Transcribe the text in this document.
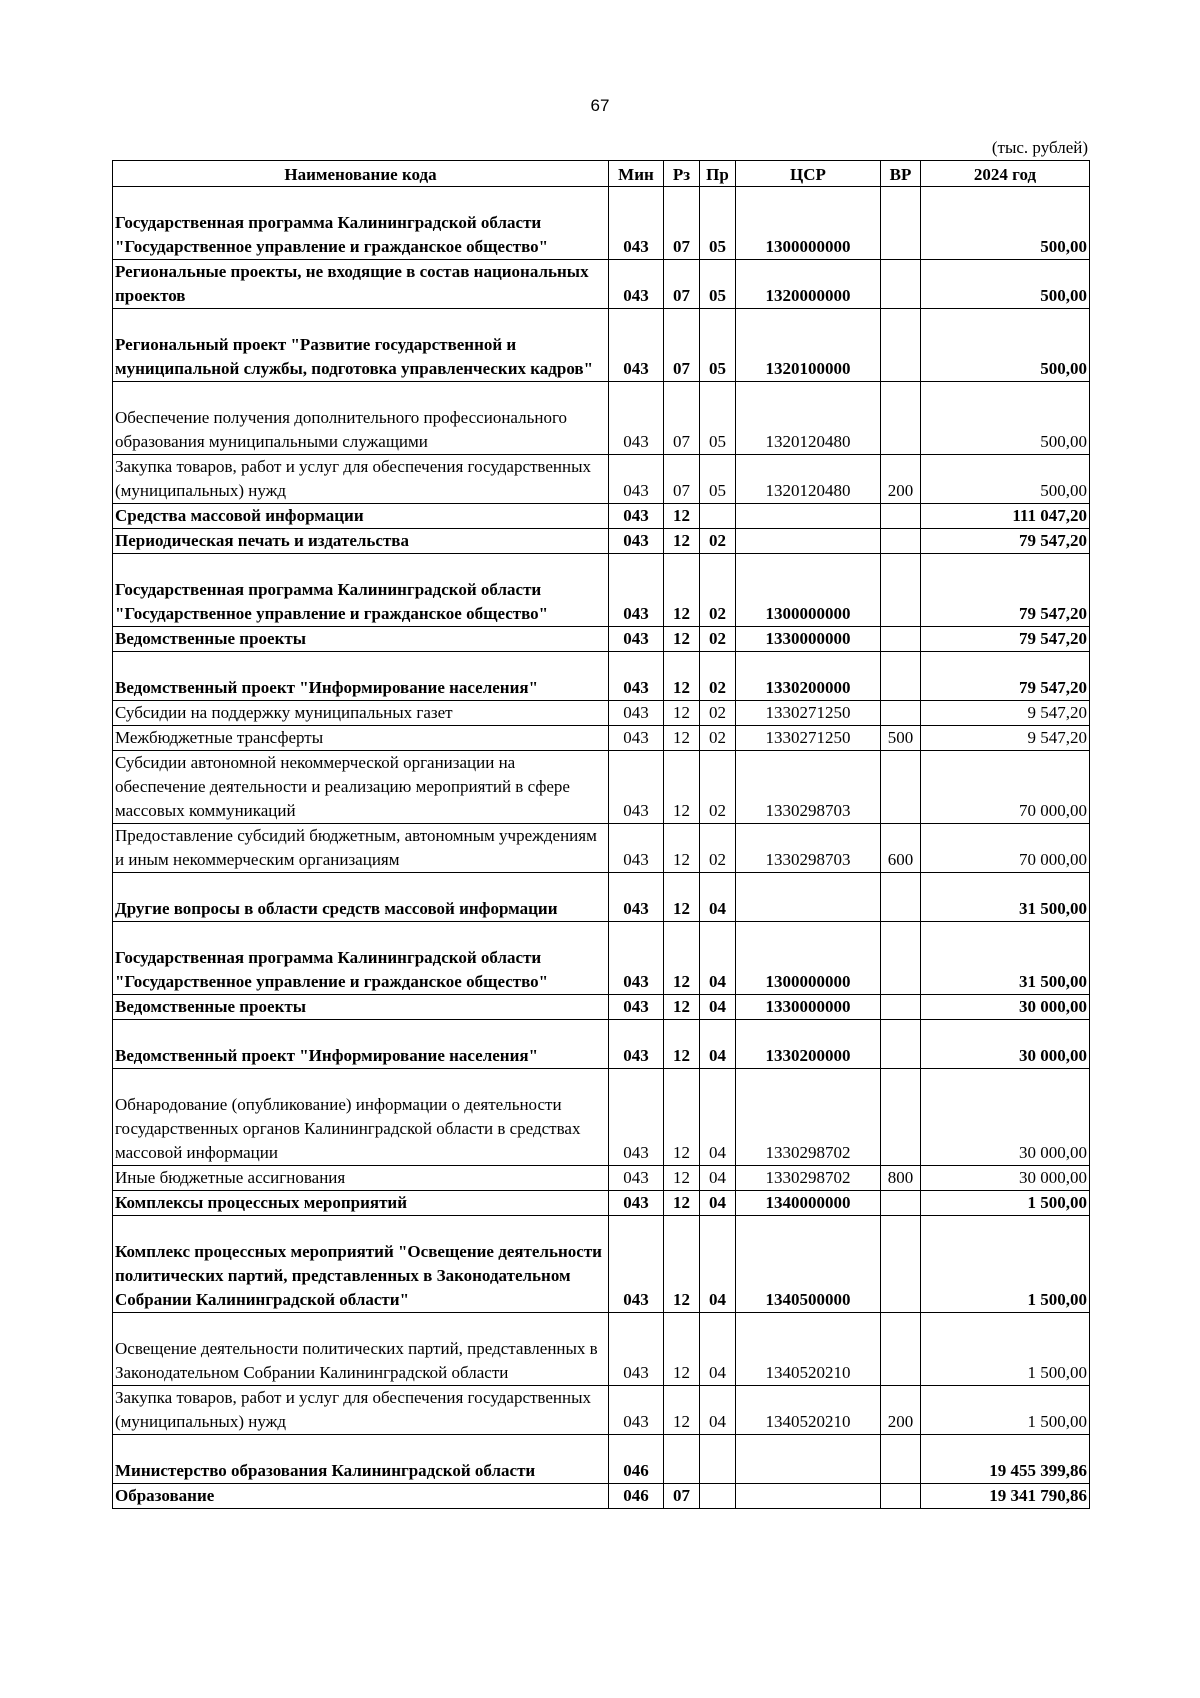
67
(тыс. рублей)
Наименование кода	Мин	Рз	Пр	ЦСР	ВР	2024 год
Государственная программа Калининградской области "Государственное управление и гражданское общество"	043	07	05	1300000000		500,00
Региональные проекты, не входящие в состав национальных проектов	043	07	05	1320000000		500,00
Региональный проект "Развитие государственной и муниципальной службы, подготовка управленческих кадров"	043	07	05	1320100000		500,00
Обеспечение получения дополнительного профессионального образования муниципальными служащими	043	07	05	1320120480		500,00
Закупка товаров, работ и услуг для обеспечения государственных (муниципальных) нужд	043	07	05	1320120480	200	500,00
Средства массовой информации	043	12				111 047,20
Периодическая печать и издательства	043	12	02			79 547,20
Государственная программа Калининградской области "Государственное управление и гражданское общество"	043	12	02	1300000000		79 547,20
Ведомственные проекты	043	12	02	1330000000		79 547,20
Ведомственный проект "Информирование населения"	043	12	02	1330200000		79 547,20
Субсидии на поддержку муниципальных газет	043	12	02	1330271250		9 547,20
Межбюджетные трансферты	043	12	02	1330271250	500	9 547,20
Субсидии автономной некоммерческой организации на обеспечение деятельности и реализацию мероприятий в сфере массовых коммуникаций	043	12	02	1330298703		70 000,00
Предоставление субсидий бюджетным, автономным учреждениям и иным некоммерческим организациям	043	12	02	1330298703	600	70 000,00
Другие вопросы в области средств массовой информации	043	12	04			31 500,00
Государственная программа Калининградской области "Государственное управление и гражданское общество"	043	12	04	1300000000		31 500,00
Ведомственные проекты	043	12	04	1330000000		30 000,00
Ведомственный проект "Информирование населения"	043	12	04	1330200000		30 000,00
Обнародование (опубликование) информации о деятельности государственных органов Калининградской области в средствах массовой информации	043	12	04	1330298702		30 000,00
Иные бюджетные ассигнования	043	12	04	1330298702	800	30 000,00
Комплексы процессных мероприятий	043	12	04	1340000000		1 500,00
Комплекс процессных мероприятий "Освещение деятельности политических партий, представленных в Законодательном Собрании Калининградской области"	043	12	04	1340500000		1 500,00
Освещение деятельности политических партий, представленных в Законодательном Собрании Калининградской области	043	12	04	1340520210		1 500,00
Закупка товаров, работ и услуг для обеспечения государственных (муниципальных) нужд	043	12	04	1340520210	200	1 500,00
Министерство образования Калининградской области	046					19 455 399,86
Образование	046	07				19 341 790,86
